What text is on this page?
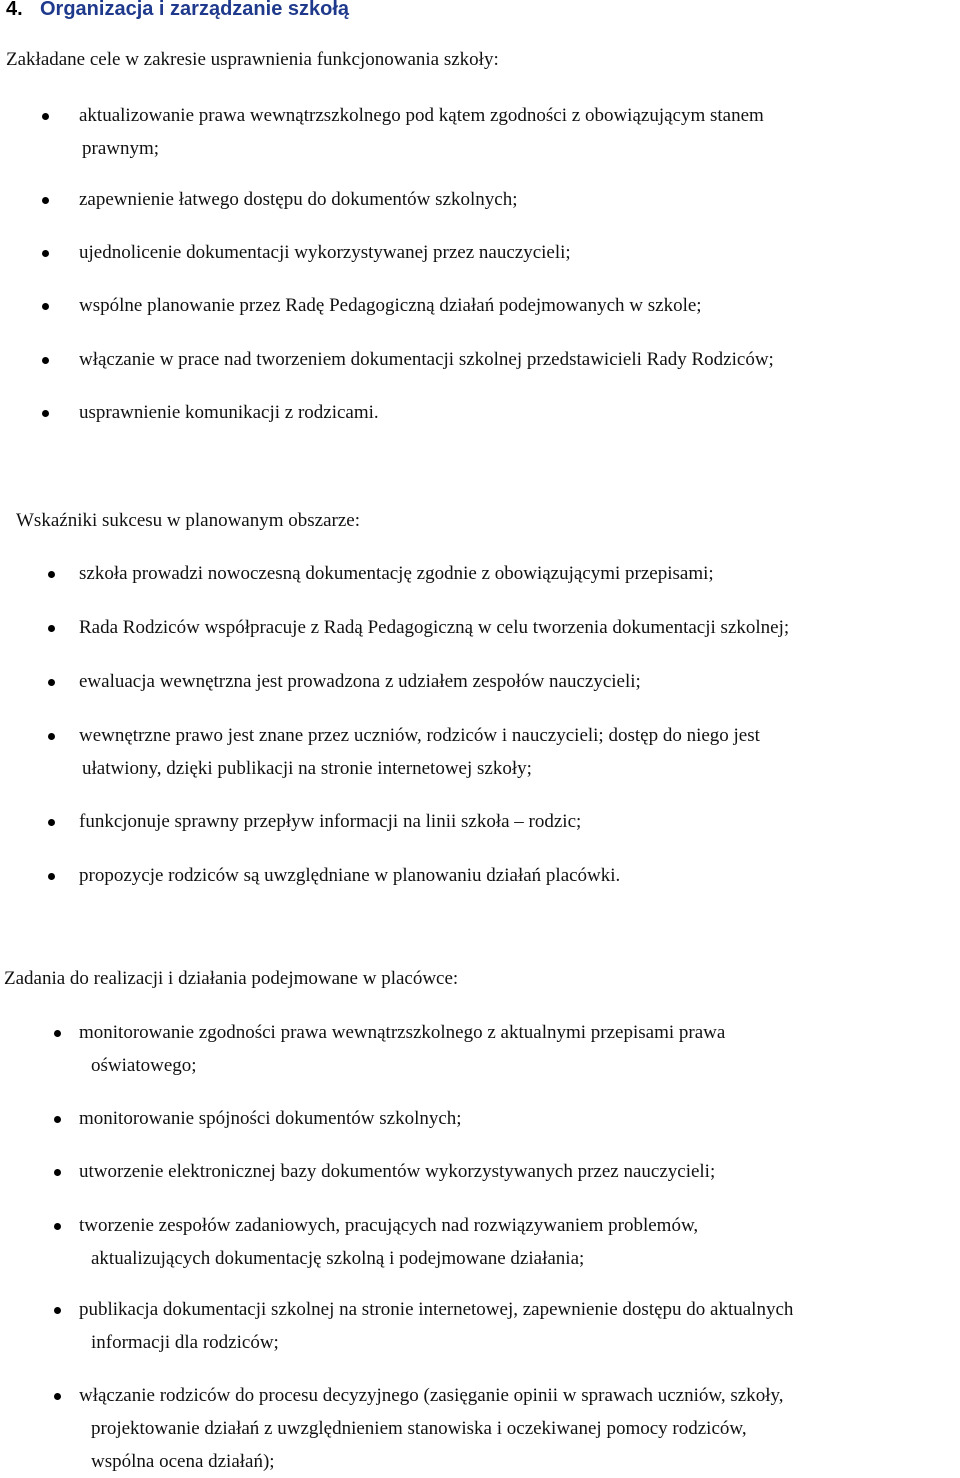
4. Organizacja i zarządzanie szkołą
Zakładane cele w zakresie usprawnienia funkcjonowania szkoły:
aktualizowanie prawa wewnątrzszkolnego pod kątem zgodności z obowiązującym stanem
prawnym;
zapewnienie łatwego dostępu do dokumentów szkolnych;
ujednolicenie dokumentacji wykorzystywanej przez nauczycieli;
wspólne planowanie przez Radę Pedagogiczną działań podejmowanych w szkole;
włączanie w prace nad tworzeniem dokumentacji szkolnej przedstawicieli Rady Rodziców;
usprawnienie komunikacji z rodzicami.
Wskaźniki sukcesu w planowanym obszarze:
szkoła prowadzi nowoczesną dokumentację zgodnie z obowiązującymi przepisami;
Rada Rodziców współpracuje z Radą Pedagogiczną w celu tworzenia dokumentacji szkolnej;
ewaluacja wewnętrzna jest prowadzona z udziałem zespołów nauczycieli;
wewnętrzne prawo jest znane przez uczniów, rodziców i nauczycieli; dostęp do niego jest
ułatwiony, dzięki publikacji na stronie internetowej szkoły;
funkcjonuje sprawny przepływ informacji na linii szkoła – rodzic;
propozycje rodziców są uwzględniane w planowaniu działań placówki.
Zadania do realizacji i działania podejmowane w placówce:
monitorowanie zgodności prawa wewnątrzszkolnego z aktualnymi przepisami prawa
oświatowego;
monitorowanie spójności dokumentów szkolnych;
utworzenie elektronicznej bazy dokumentów wykorzystywanych przez nauczycieli;
tworzenie zespołów zadaniowych, pracujących nad rozwiązywaniem problemów,
aktualizujących dokumentację szkolną i podejmowane działania;
publikacja dokumentacji szkolnej na stronie internetowej, zapewnienie dostępu do aktualnych
informacji dla rodziców;
włączanie rodziców do procesu decyzyjnego (zasięganie opinii w sprawach uczniów, szkoły,
projektowanie działań z uwzględnieniem stanowiska i oczekiwanej pomocy rodziców,
wspólna ocena działań);
